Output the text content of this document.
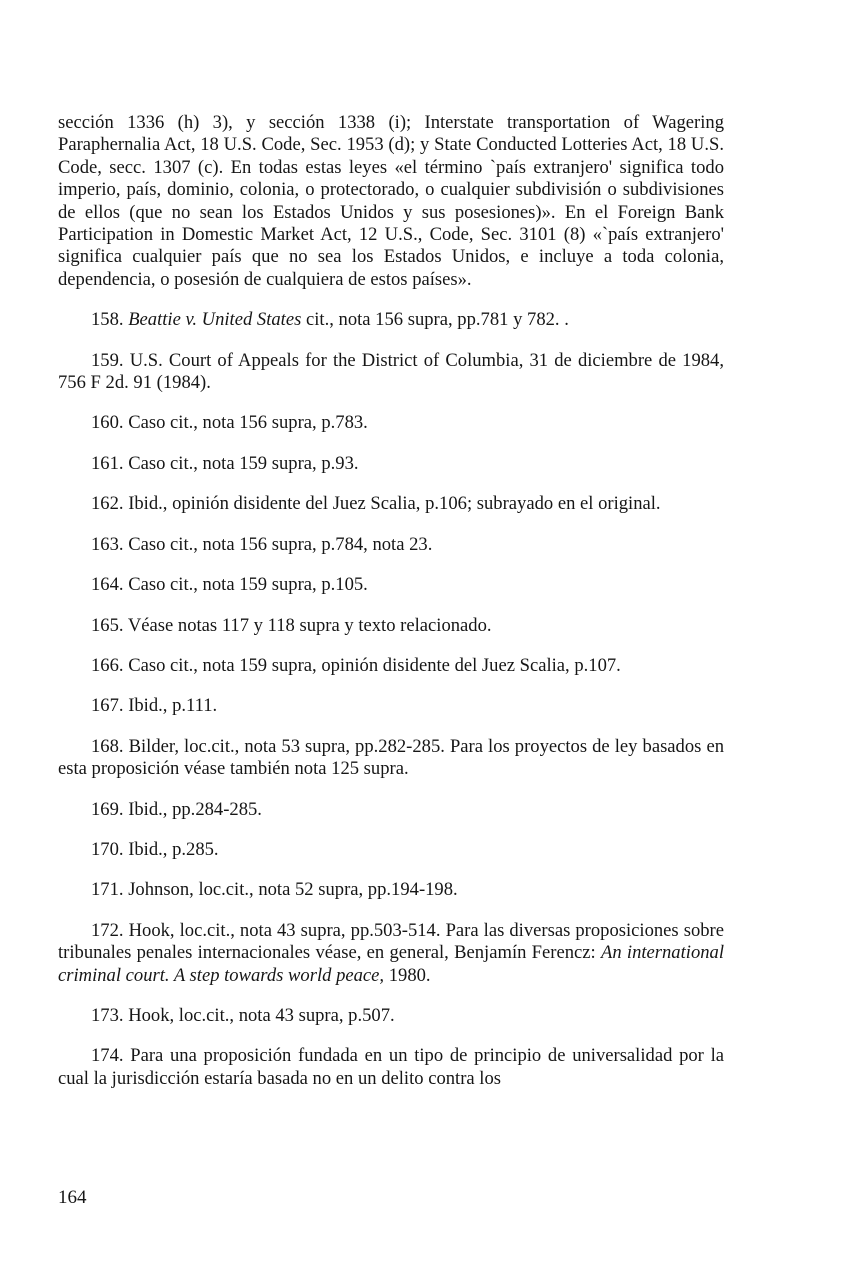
sección 1336 (h) 3), y sección 1338 (i); Interstate transportation of Wagering Paraphernalia Act, 18 U.S. Code, Sec. 1953 (d); y State Conducted Lotteries Act, 18 U.S. Code, secc. 1307 (c). En todas estas leyes «el término `país extranjero' significa todo imperio, país, dominio, colonia, o protectorado, o cualquier subdivisión o subdivisiones de ellos (que no sean los Estados Unidos y sus posesiones)». En el Foreign Bank Participation in Domestic Market Act, 12 U.S., Code, Sec. 3101 (8) «`país extranjero' significa cualquier país que no sea los Estados Unidos, e incluye a toda colonia, dependencia, o posesión de cualquiera de estos países».

158. Beattie v. United States cit., nota 156 supra, pp.781 y 782. .

159. U.S. Court of Appeals for the District of Columbia, 31 de diciembre de 1984, 756 F 2d. 91 (1984).

160. Caso cit., nota 156 supra, p.783.

161. Caso cit., nota 159 supra, p.93.

162. Ibid., opinión disidente del Juez Scalia, p.106; subrayado en el original.

163. Caso cit., nota 156 supra, p.784, nota 23.

164. Caso cit., nota 159 supra, p.105.

165. Véase notas 117 y 118 supra y texto relacionado.

166. Caso cit., nota 159 supra, opinión disidente del Juez Scalia, p.107.

167. Ibid., p.111.

168. Bilder, loc.cit., nota 53 supra, pp.282-285. Para los proyectos de ley basados en esta proposición véase también nota 125 supra.

169. Ibid., pp.284-285.

170. Ibid., p.285.

171. Johnson, loc.cit., nota 52 supra, pp.194-198.

172. Hook, loc.cit., nota 43 supra, pp.503-514. Para las diversas proposiciones sobre tribunales penales internacionales véase, en general, Benjamín Ferencz: An international criminal court. A step towards world peace, 1980.

173. Hook, loc.cit., nota 43 supra, p.507.

174. Para una proposición fundada en un tipo de principio de universalidad por la cual la jurisdicción estaría basada no en un delito contra los

164
